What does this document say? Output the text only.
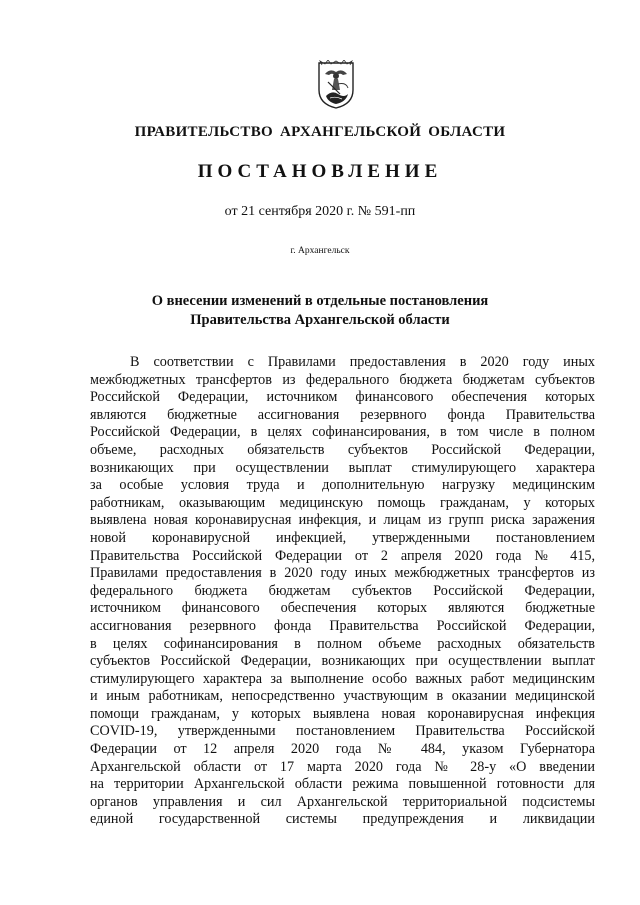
ПРАВИТЕЛЬСТВО АРХАНГЕЛЬСКОЙ ОБЛАСТИ
ПОСТАНОВЛЕНИЕ
от 21 сентября 2020 г. № 591-пп
г. Архангельск
О внесении изменений в отдельные постановления
Правительства Архангельской области
В соответствии с Правилами предоставления в 2020 году иных
межбюджетных трансфертов из федерального бюджета бюджетам субъектов
Российской Федерации, источником финансового обеспечения которых
являются бюджетные ассигнования резервного фонда Правительства
Российской Федерации, в целях софинансирования, в том числе в полном
объеме, расходных обязательств субъектов Российской Федерации,
возникающих при осуществлении выплат стимулирующего характера
за особые условия труда и дополнительную нагрузку медицинским
работникам, оказывающим медицинскую помощь гражданам, у которых
выявлена новая коронавирусная инфекция, и лицам из групп риска заражения
новой коронавирусной инфекцией, утвержденными постановлением
Правительства Российской Федерации от 2 апреля 2020 года № 415,
Правилами предоставления в 2020 году иных межбюджетных трансфертов из
федерального бюджета бюджетам субъектов Российской Федерации,
источником финансового обеспечения которых являются бюджетные
ассигнования резервного фонда Правительства Российской Федерации,
в целях софинансирования в полном объеме расходных обязательств
субъектов Российской Федерации, возникающих при осуществлении выплат
стимулирующего характера за выполнение особо важных работ медицинским
и иным работникам, непосредственно участвующим в оказании медицинской
помощи гражданам, у которых выявлена новая коронавирусная инфекция
COVID-19, утвержденными постановлением Правительства Российской
Федерации от 12 апреля 2020 года № 484, указом Губернатора
Архангельской области от 17 марта 2020 года № 28-у «О введении
на территории Архангельской области режима повышенной готовности для
органов управления и сил Архангельской территориальной подсистемы
единой государственной системы предупреждения и ликвидации
